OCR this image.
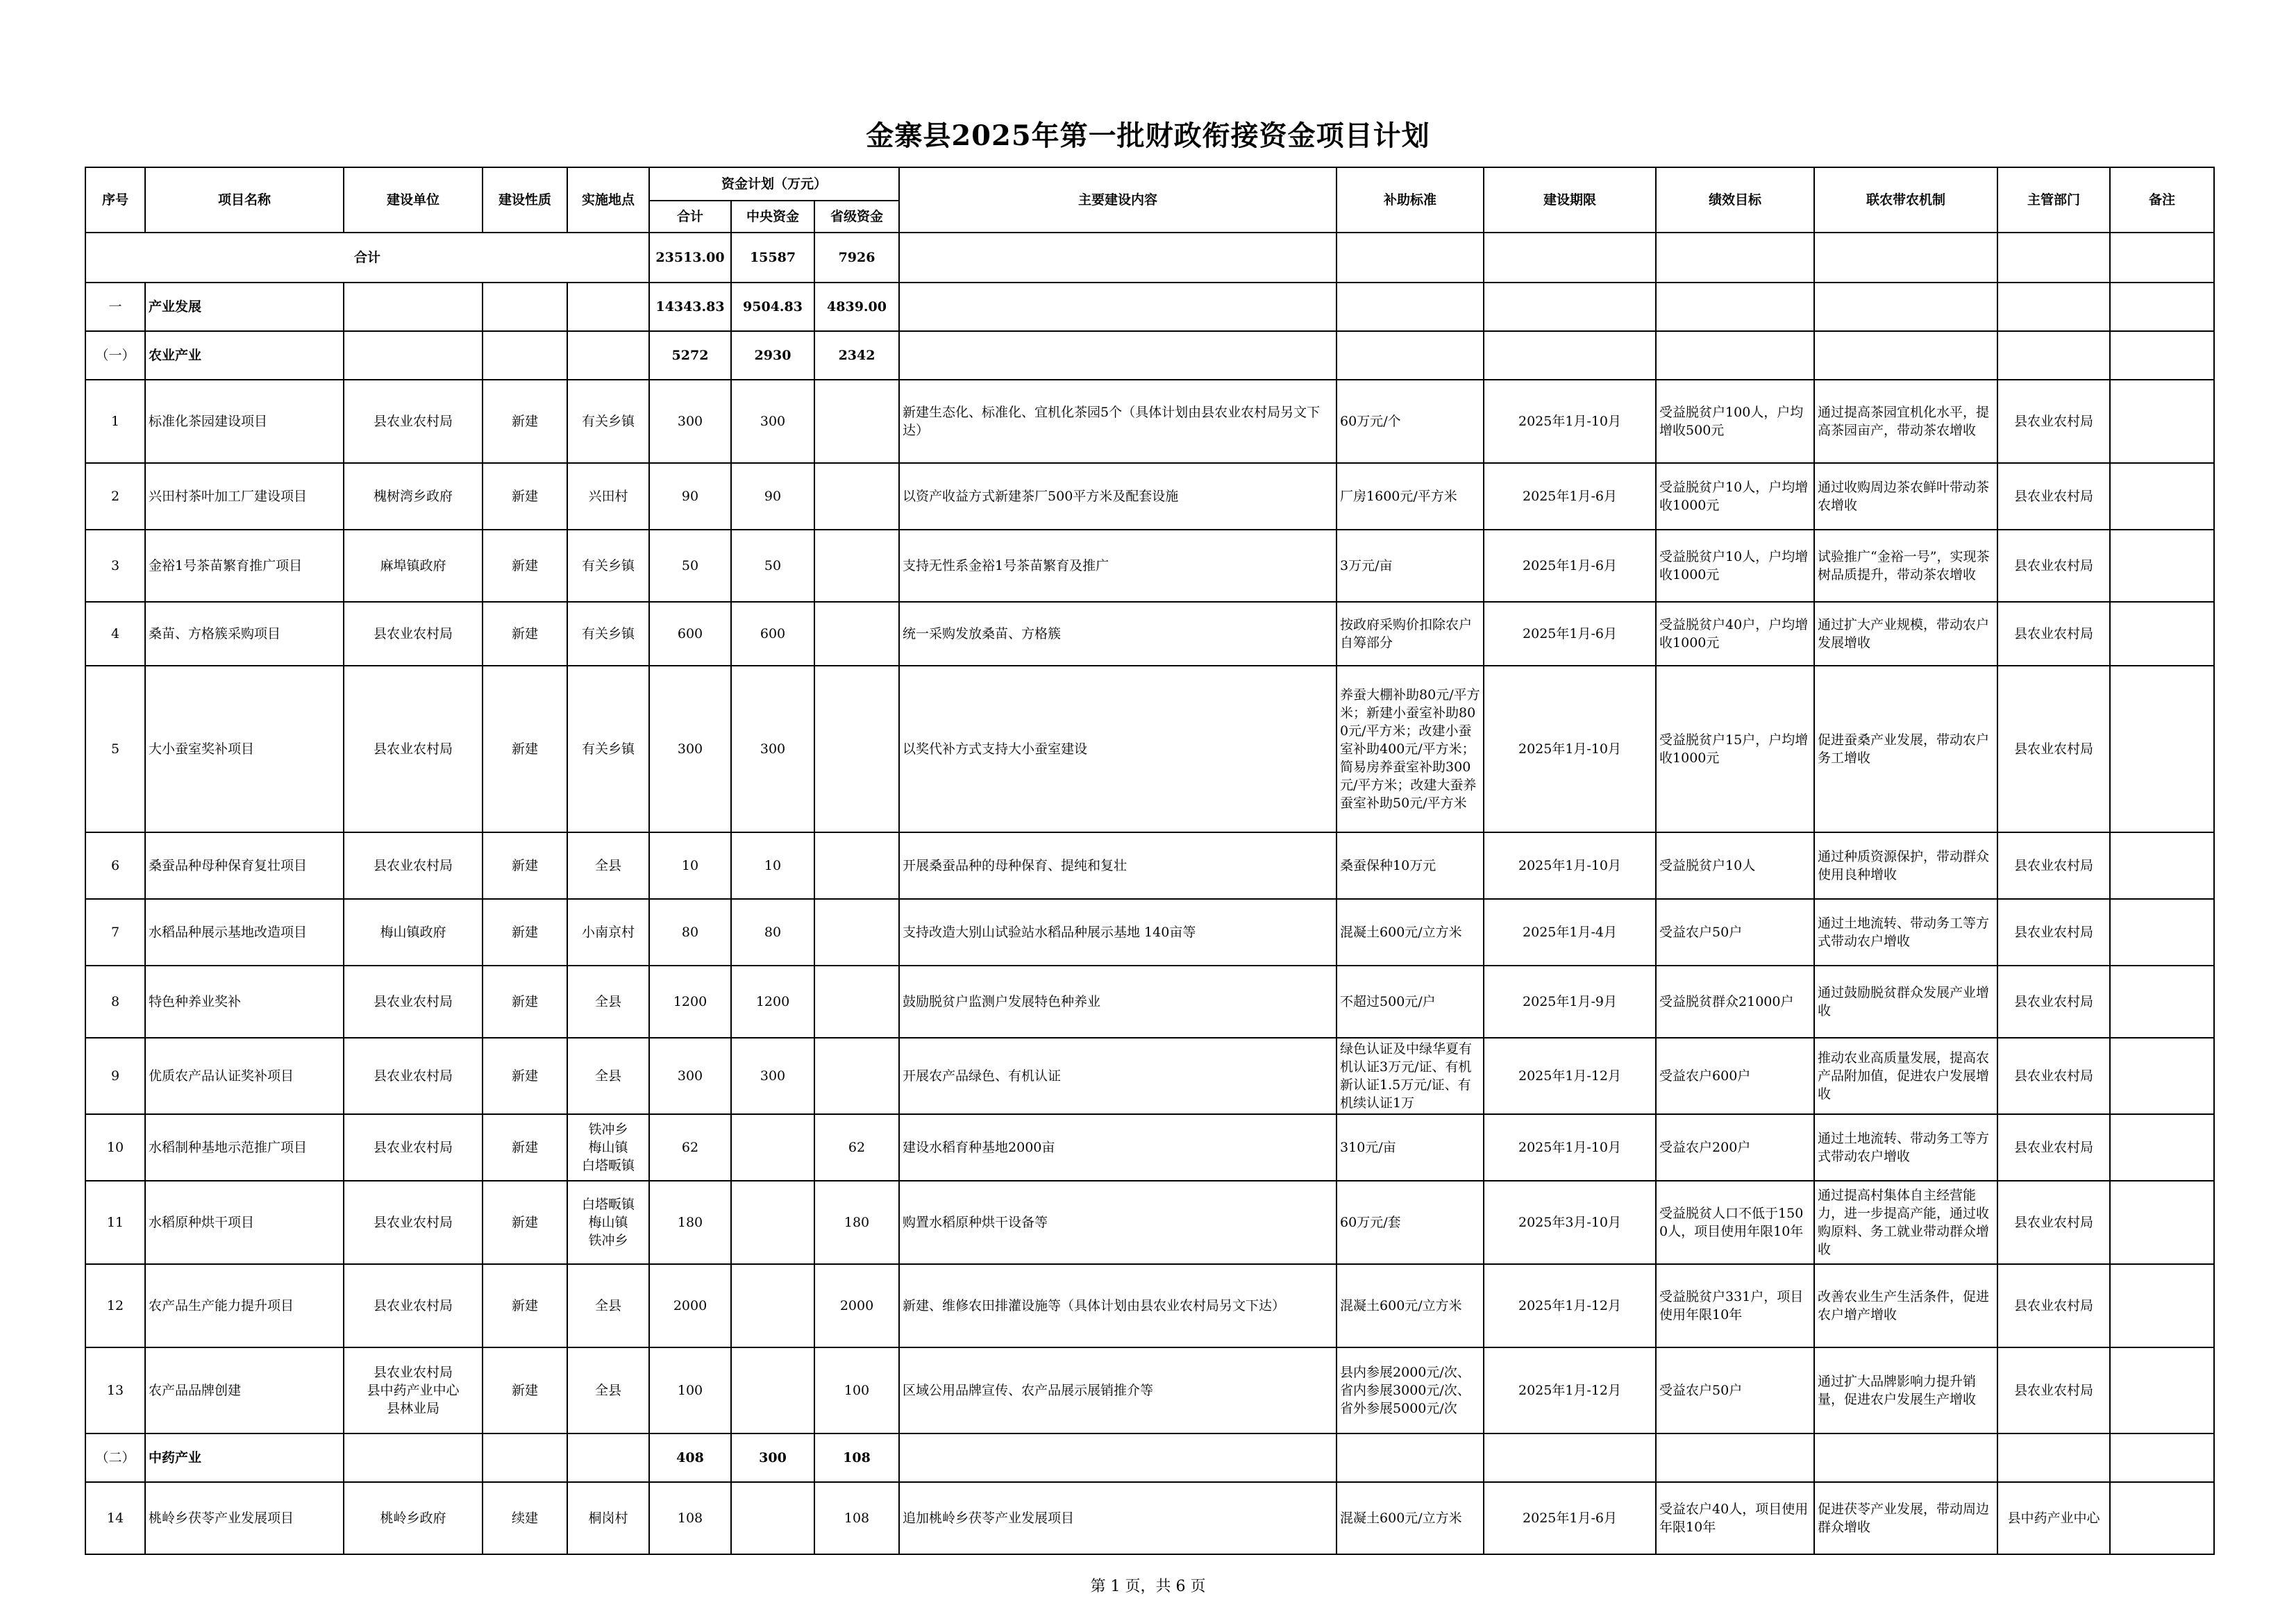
金寨县2025年第一批财政衔接资金项目计划
序号	项目名称	建设单位	建设性质	实施地点	资金计划（万元）			主要建设内容	补助标准	建设期限	绩效目标	联农带农机制	主管部门	备注
					合计	中央资金	省级资金							
合计					23513.00	15587	7926							
一	产业发展				14343.83	9504.83	4839.00							
（一）	农业产业				5272	2930	2342							
1	标准化茶园建设项目	县农业农村局	新建	有关乡镇	300	300		新建生态化、标准化、宜机化茶园5个（具体计划由县农业农村局另文下达）	60万元/个	2025年1月-10月	受益脱贫户100人，户均增收500元	通过提高茶园宜机化水平，提高茶园亩产，带动茶农增收	县农业农村局	
2	兴田村茶叶加工厂建设项目	槐树湾乡政府	新建	兴田村	90	90		以资产收益方式新建茶厂500平方米及配套设施	厂房1600元/平方米	2025年1月-6月	受益脱贫户10人，户均增收1000元	通过收购周边茶农鲜叶带动茶农增收	县农业农村局	
3	金裕1号茶苗繁育推广项目	麻埠镇政府	新建	有关乡镇	50	50		支持无性系金裕1号茶苗繁育及推广	3万元/亩	2025年1月-6月	受益脱贫户10人，户均增收1000元	试验推广“金裕一号”，实现茶树品质提升，带动茶农增收	县农业农村局	
4	桑苗、方格簇采购项目	县农业农村局	新建	有关乡镇	600	600		统一采购发放桑苗、方格簇	按政府采购价扣除农户自筹部分	2025年1月-6月	受益脱贫户40户，户均增收1000元	通过扩大产业规模，带动农户发展增收	县农业农村局	
5	大小蚕室奖补项目	县农业农村局	新建	有关乡镇	300	300		以奖代补方式支持大小蚕室建设	养蚕大棚补助80元/平方米；新建小蚕室补助800元/平方米；改建小蚕室补助400元/平方米；简易房养蚕室补助300元/平方米；改建大蚕养蚕室补助50元/平方米	2025年1月-10月	受益脱贫户15户，户均增收1000元	促进蚕桑产业发展，带动农户务工增收	县农业农村局	
6	桑蚕品种母种保育复壮项目	县农业农村局	新建	全县	10	10		开展桑蚕品种的母种保育、提纯和复壮	桑蚕保种10万元	2025年1月-10月	受益脱贫户10人	通过种质资源保护，带动群众使用良种增收	县农业农村局	
7	水稻品种展示基地改造项目	梅山镇政府	新建	小南京村	80	80		支持改造大别山试验站水稻品种展示基地 140亩等	混凝土600元/立方米	2025年1月-4月	受益农户50户	通过土地流转、带动务工等方式带动农户增收	县农业农村局	
8	特色种养业奖补	县农业农村局	新建	全县	1200	1200		鼓励脱贫户监测户发展特色种养业	不超过500元/户	2025年1月-9月	受益脱贫群众21000户	通过鼓励脱贫群众发展产业增收	县农业农村局	
9	优质农产品认证奖补项目	县农业农村局	新建	全县	300	300		开展农产品绿色、有机认证	绿色认证及中绿华夏有机认证3万元/证、有机新认证1.5万元/证、有机续认证1万	2025年1月-12月	受益农户600户	推动农业高质量发展，提高农产品附加值，促进农户发展增收	县农业农村局	
10	水稻制种基地示范推广项目	县农业农村局	新建	铁冲乡
梅山镇
白塔畈镇	62		62	建设水稻育种基地2000亩	310元/亩	2025年1月-10月	受益农户200户	通过土地流转、带动务工等方式带动农户增收	县农业农村局	
11	水稻原种烘干项目	县农业农村局	新建	白塔畈镇
梅山镇
铁冲乡	180		180	购置水稻原种烘干设备等	60万元/套	2025年3月-10月	受益脱贫人口不低于1500人，项目使用年限10年	通过提高村集体自主经营能力，进一步提高产能，通过收购原料、务工就业带动群众增收	县农业农村局	
12	农产品生产能力提升项目	县农业农村局	新建	全县	2000		2000	新建、维修农田排灌设施等（具体计划由县农业农村局另文下达）	混凝土600元/立方米	2025年1月-12月	受益脱贫户331户，项目使用年限10年	改善农业生产生活条件，促进农户增产增收	县农业农村局	
13	农产品品牌创建	县农业农村局
县中药产业中心
县林业局	新建	全县	100		100	区域公用品牌宣传、农产品展示展销推介等	县内参展2000元/次、省内参展3000元/次、省外参展5000元/次	2025年1月-12月	受益农户50户	通过扩大品牌影响力提升销量，促进农户发展生产增收	县农业农村局	
（二）	中药产业				408	300	108							
14	桃岭乡茯苓产业发展项目	桃岭乡政府	续建	桐岗村	108		108	追加桃岭乡茯苓产业发展项目	混凝土600元/立方米	2025年1月-6月	受益农户40人，项目使用年限10年	促进茯苓产业发展，带动周边群众增收	县中药产业中心	
第 1 页，共 6 页
